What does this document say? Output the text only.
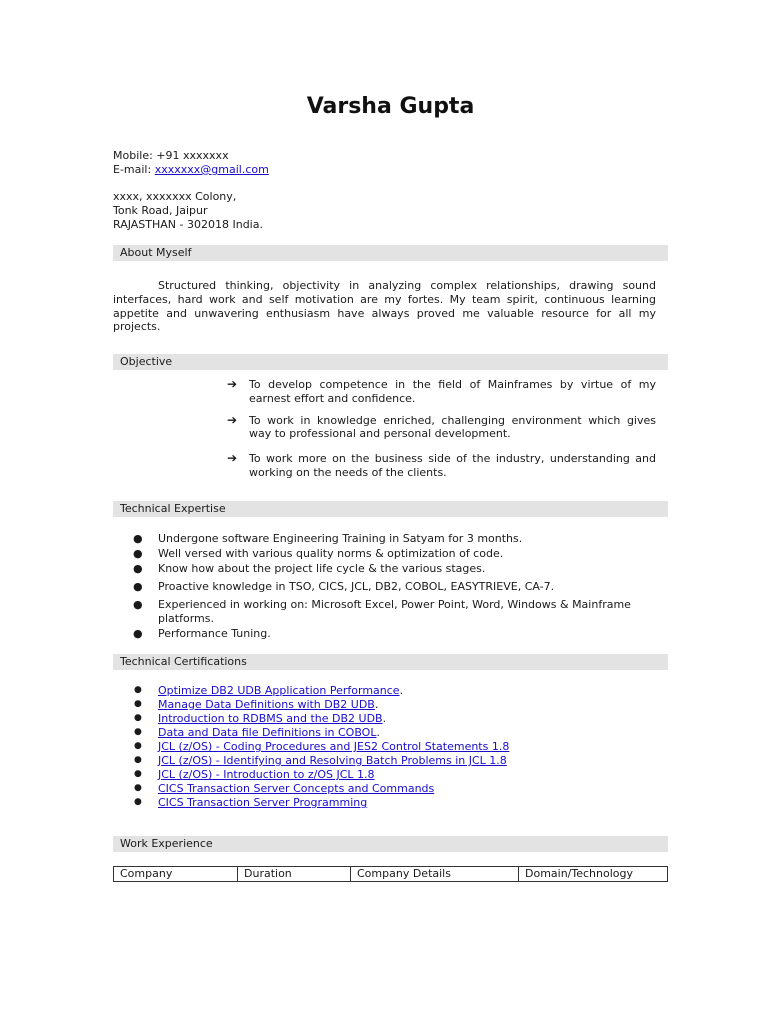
Varsha Gupta
Mobile: +91 xxxxxxx
E-mail: xxxxxxx@gmail.com
xxxx, xxxxxxx Colony,
Tonk Road, Jaipur
RAJASTHAN - 302018 India.
About Myself
Structured thinking, objectivity in analyzing complex relationships, drawing sound interfaces, hard work and self motivation are my fortes. My team spirit, continuous learning appetite and unwavering enthusiasm have always proved me valuable resource for all my projects.
Objective
➔ To develop competence in the field of Mainframes by virtue of my earnest effort and confidence.
➔ To work in knowledge enriched, challenging environment which gives way to professional and personal development.
➔ To work more on the business side of the industry, understanding and working on the needs of the clients.
Technical Expertise
● Undergone software Engineering Training in Satyam for 3 months.
● Well versed with various quality norms & optimization of code.
● Know how about the project life cycle & the various stages.
● Proactive knowledge in TSO, CICS, JCL, DB2, COBOL, EASYTRIEVE, CA-7.
● Experienced in working on: Microsoft Excel, Power Point, Word, Windows & Mainframe platforms.
● Performance Tuning.
Technical Certifications
● Optimize DB2 UDB Application Performance.
● Manage Data Definitions with DB2 UDB.
● Introduction to RDBMS and the DB2 UDB.
● Data and Data file Definitions in COBOL.
● JCL (z/OS) - Coding Procedures and JES2 Control Statements 1.8
● JCL (z/OS) - Identifying and Resolving Batch Problems in JCL 1.8
● JCL (z/OS) - Introduction to z/OS JCL 1.8
● CICS Transaction Server Concepts and Commands
● CICS Transaction Server Programming
Work Experience
Company	Duration	Company Details	Domain/Technology
